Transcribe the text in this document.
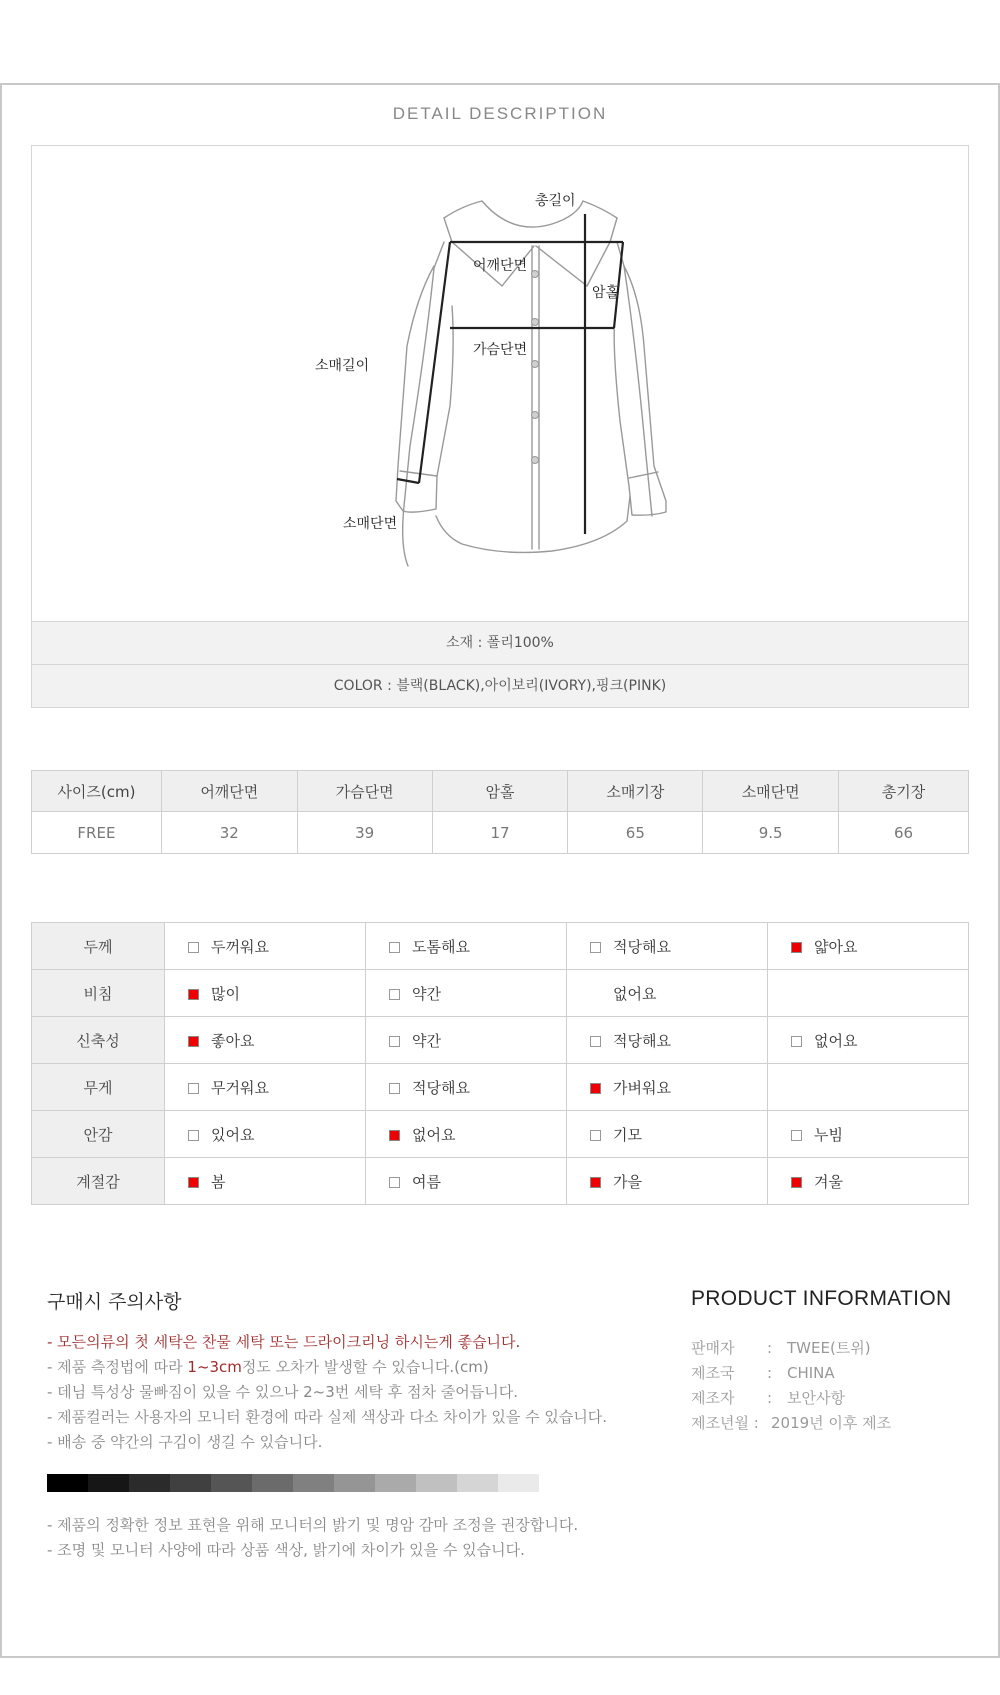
DETAIL DESCRIPTION
총길이
어깨단면
암홀
가슴단면
소매길이
소매단면
소재 : 폴리100%
COLOR : 블랙(BLACK),아이보리(IVORY),핑크(PINK)
사이즈(cm)	어깨단면	가슴단면	암홀	소매기장	소매단면	총기장
FREE	32	39	17	65	9.5	66
두께	두꺼워요	도톰해요	적당해요	얇아요
비침	많이	약간	없어요	
신축성	좋아요	약간	적당해요	없어요
무게	무거워요	적당해요	가벼워요	
안감	있어요	없어요	기모	누빔
계절감	봄	여름	가을	겨울
구매시 주의사항
- 모든의류의 첫 세탁은 찬물 세탁 또는 드라이크리닝 하시는게 좋습니다.
- 제품 측정법에 따라 1~3cm정도 오차가 발생할 수 있습니다.(cm)
- 데님 특성상 물빠짐이 있을 수 있으나 2~3번 세탁 후 점차 줄어듭니다.
- 제품컬러는 사용자의 모니터 환경에 따라 실제 색상과 다소 차이가 있을 수 있습니다.
- 배송 중 약간의 구김이 생길 수 있습니다.
- 제품의 정확한 정보 표현을 위해 모니터의 밝기 및 명암 감마 조정을 권장합니다.
- 조명 및 모니터 사양에 따라 상품 색상, 밝기에 차이가 있을 수 있습니다.
PRODUCT INFORMATION
판매자 : TWEE(트위)
제조국 : CHINA
제조자 : 보안사항
제조년월 : 2019년 이후 제조
